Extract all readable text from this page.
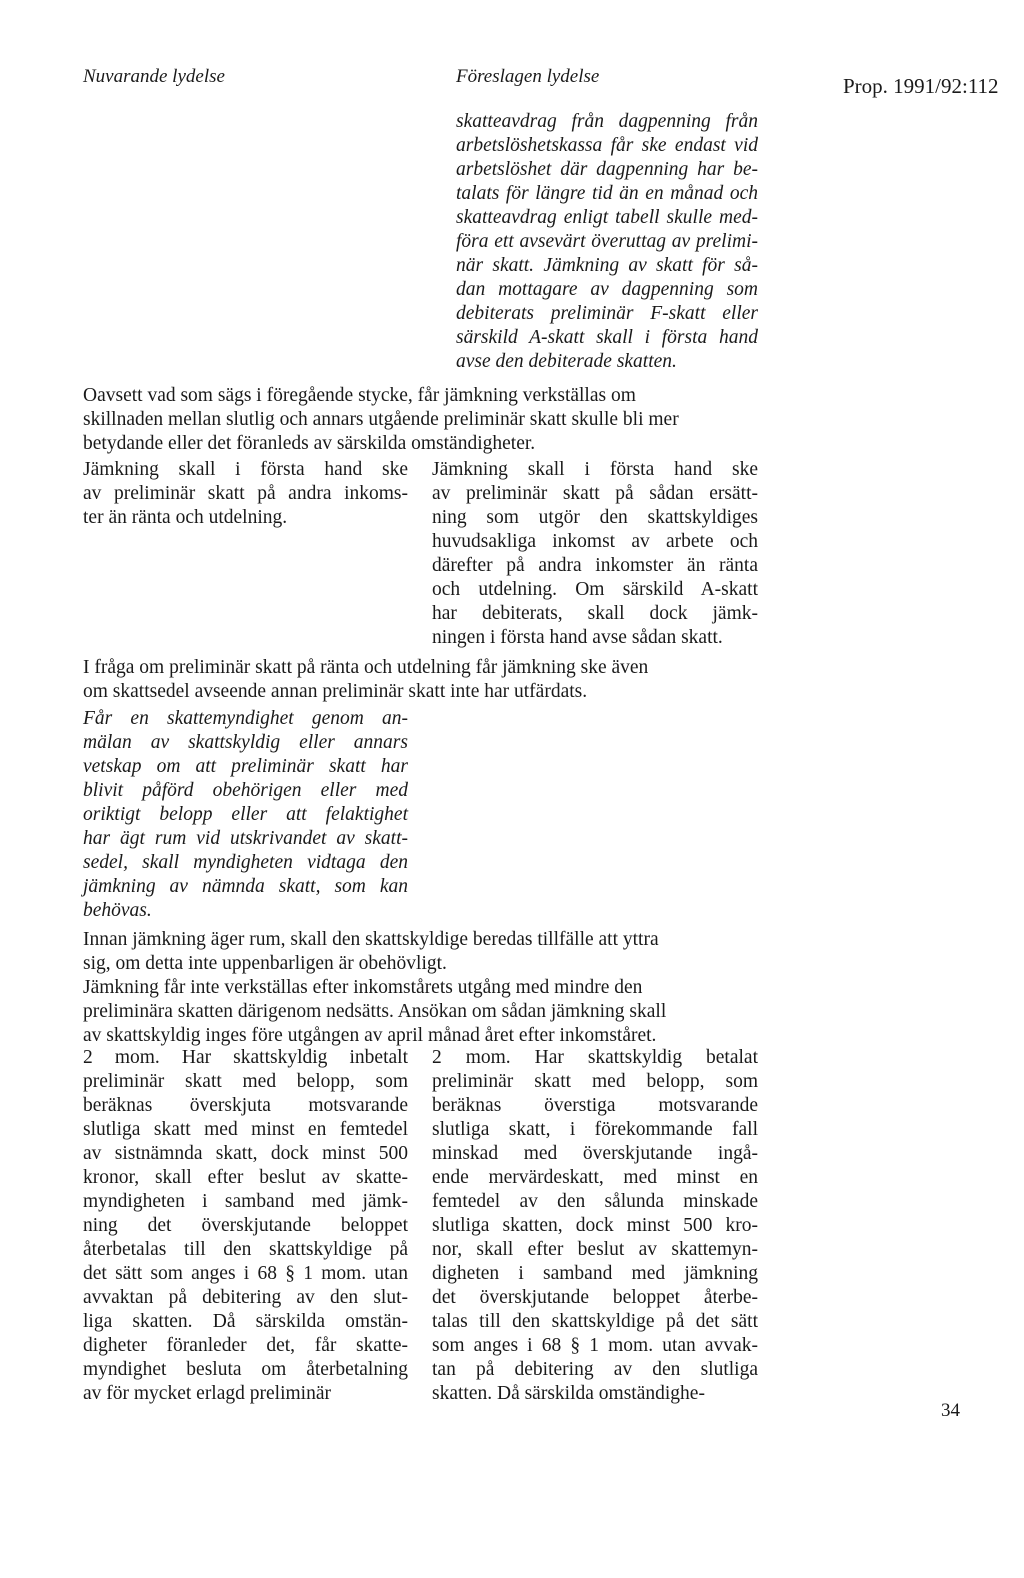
Nuvarande lydelse	Föreslagen lydelse	Prop. 1991/92:112
34
skatteavdrag från dagpenning från
arbetslöshetskassa får ske endast vid
arbetslöshet där dagpenning har be-
talats för längre tid än en månad och
skatteavdrag enligt tabell skulle med-
föra ett avsevärt överuttag av prelimi-
när skatt. Jämkning av skatt för så-
dan mottagare av dagpenning som
debiterats preliminär F-skatt eller
särskild A-skatt skall i första hand
avse den debiterade skatten.
Oavsett vad som sägs i föregående stycke, får jämkning verkställas om
skillnaden mellan slutlig och annars utgående preliminär skatt skulle bli mer
betydande eller det föranleds av särskilda omständigheter.
Jämkning skall i första hand ske
av preliminär skatt på andra inkoms-
ter än ränta och utdelning.
Jämkning skall i första hand ske
av preliminär skatt på sådan ersätt-
ning som utgör den skattskyldiges
huvudsakliga inkomst av arbete och
därefter på andra inkomster än ränta
och utdelning. Om särskild A-skatt
har debiterats, skall dock jämk-
ningen i första hand avse sådan skatt.
I fråga om preliminär skatt på ränta och utdelning får jämkning ske även
om skattsedel avseende annan preliminär skatt inte har utfärdats.
Får en skattemyndighet genom an-
mälan av skattskyldig eller annars
vetskap om att preliminär skatt har
blivit påförd obehörigen eller med
oriktigt belopp eller att felaktighet
har ägt rum vid utskrivandet av skatt-
sedel, skall myndigheten vidtaga den
jämkning av nämnda skatt, som kan
behövas.
Innan jämkning äger rum, skall den skattskyldige beredas tillfälle att yttra
sig, om detta inte uppenbarligen är obehövligt.
Jämkning får inte verkställas efter inkomstårets utgång med mindre den
preliminära skatten därigenom nedsätts. Ansökan om sådan jämkning skall
av skattskyldig inges före utgången av april månad året efter inkomståret.
2 mom. Har skattskyldig inbetalt
preliminär skatt med belopp, som
beräknas överskjuta motsvarande
slutliga skatt med minst en femtedel
av sistnämnda skatt, dock minst 500
kronor, skall efter beslut av skatte-
myndigheten i samband med jämk-
ning det överskjutande beloppet
återbetalas till den skattskyldige på
det sätt som anges i 68 § 1 mom. utan
avvaktan på debitering av den slut-
liga skatten. Då särskilda omstän-
digheter föranleder det, får skatte-
myndighet besluta om återbetalning
av för mycket erlagd preliminär
2 mom. Har skattskyldig betalat
preliminär skatt med belopp, som
beräknas överstiga motsvarande
slutliga skatt, i förekommande fall
minskad med överskjutande ingå-
ende mervärdeskatt, med minst en
femtedel av den sålunda minskade
slutliga skatten, dock minst 500 kro-
nor, skall efter beslut av skattemyn-
digheten i samband med jämkning
det överskjutande beloppet återbe-
talas till den skattskyldige på det sätt
som anges i 68 § 1 mom. utan avvak-
tan på debitering av den slutliga
skatten. Då särskilda omständighe-
